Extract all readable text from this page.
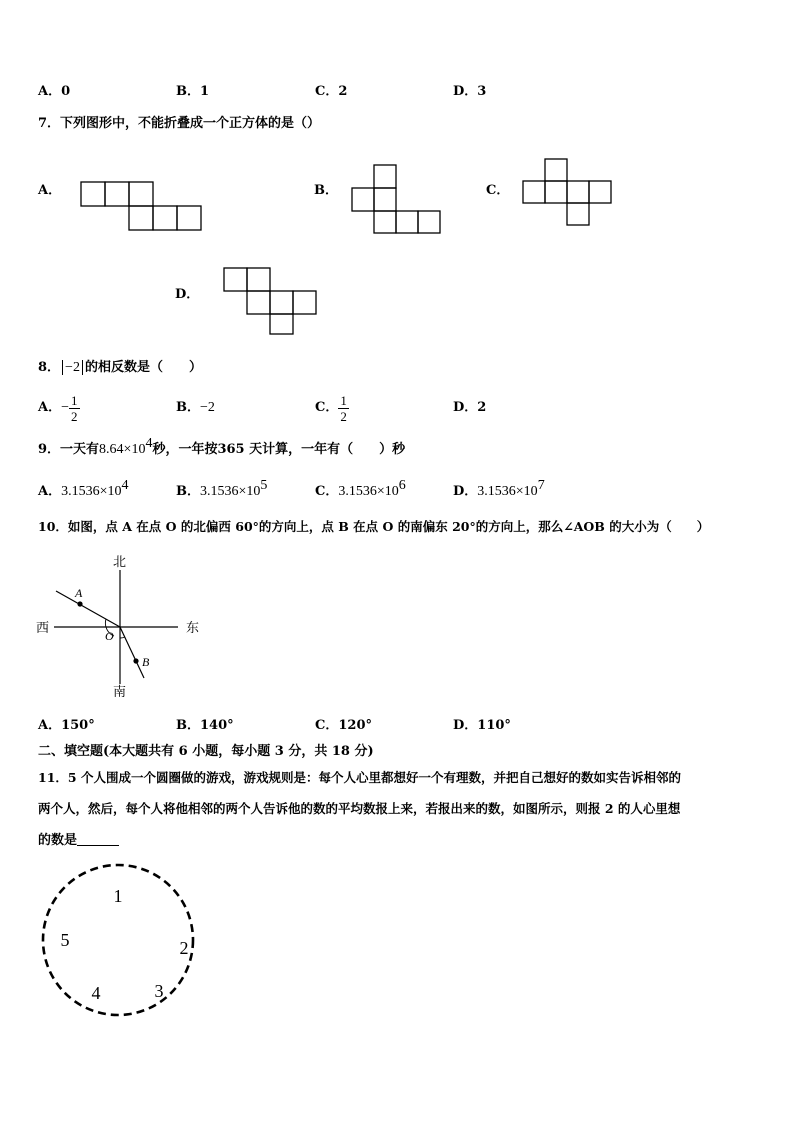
A．0	B．1	C．2	D．3
7．下列图形中，不能折叠成一个正方体的是（）
A．	B．	C．
D．
8． −2 的相反数是（　　）
A． − $\frac{1}{2}$	B．−2	C． $\frac{1}{2}$	D．2
9．一天有$8.64\times 10^4$秒，一年按365 天计算，一年有（　　）秒
A．$3.1536\times 10^4$	B．$3.1536\times 10^5$	C．$3.1536\times 10^6$	D．$3.1536\times 10^7$
10．如图，点 A 在点 O 的北偏西 60°的方向上，点 B 在点 O 的南偏东 20°的方向上，那么∠AOB 的大小为（　　）
北
南
西	东
A
B
O
A．150°	B．140°	C．120°	D．110°
二、填空题(本大题共有 6 小题，每小题 3 分，共 18 分)
11．5 个人围成一个圆圈做的游戏，游戏规则是：每个人心里都想好一个有理数，并把自己想好的数如实告诉相邻的
两个人，然后，每个人将他相邻的两个人告诉他的数的平均数报上来，若报出来的数，如图所示，则报 2 的人心里想
的数是
1
2
3
4
5
